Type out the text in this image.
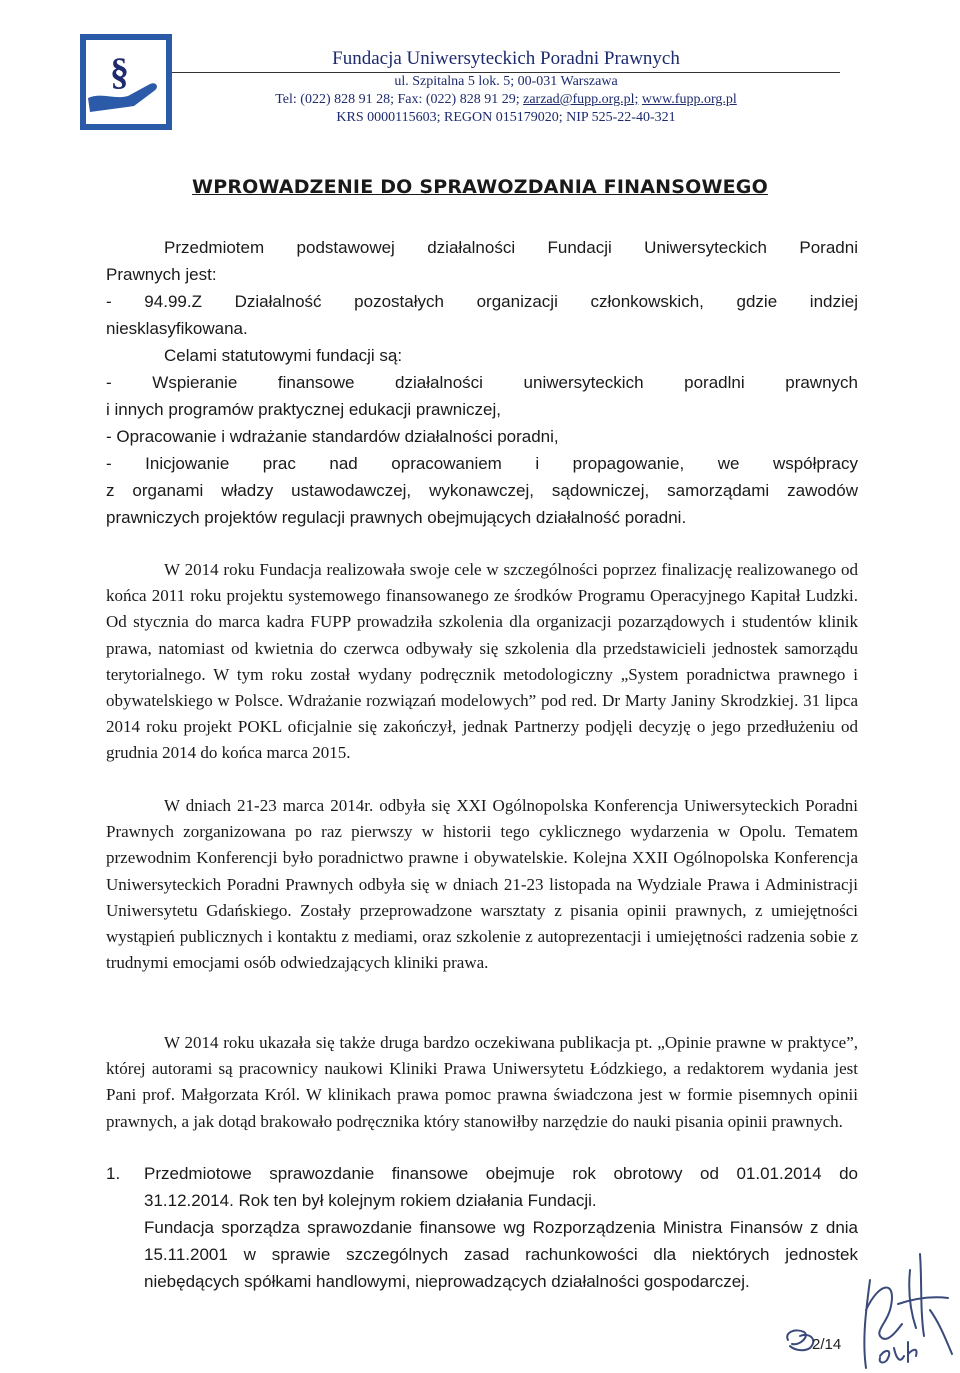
§	Fundacja Uniwersyteckich Poradni Prawnych
ul. Szpitalna 5 lok. 5; 00-031 Warszawa
Tel: (022) 828 91 28; Fax: (022) 828 91 29; zarzad@fupp.org.pl; www.fupp.org.pl
KRS 0000115603; REGON 015179020; NIP 525-22-40-321
WPROWADZENIE DO SPRAWOZDANIA FINANSOWEGO

Przedmiotem podstawowej działalności Fundacji Uniwersyteckich Poradni

Prawnych jest:

- 94.99.Z Działalność pozostałych organizacji członkowskich, gdzie indziej

niesklasyfikowana.

Celami statutowymi fundacji są:

- Wspieranie finansowe działalności uniwersyteckich poradlni prawnych

i innych programów praktycznej edukacji prawniczej,

- Opracowanie i wdrażanie standardów działalności poradni,

- Inicjowanie prac nad opracowaniem i propagowanie, we współpracy

z organami władzy ustawodawczej, wykonawczej, sądowniczej, samorządami zawodów

prawniczych projektów regulacji prawnych obejmujących działalność poradni.

W 2014 roku Fundacja realizowała swoje cele w szczególności poprzez finalizację realizowanego od końca 2011 roku projektu systemowego finansowanego ze środków Programu Operacyjnego Kapitał Ludzki. Od stycznia do marca kadra FUPP prowadziła szkolenia dla organizacji pozarządowych i studentów klinik prawa, natomiast od kwietnia do czerwca odbywały się szkolenia dla przedstawicieli jednostek samorządu terytorialnego. W tym roku został wydany podręcznik metodologiczny „System poradnictwa prawnego i obywatelskiego w Polsce. Wdrażanie rozwiązań modelowych” pod red. Dr Marty Janiny Skrodzkiej. 31 lipca 2014 roku projekt POKL oficjalnie się zakończył, jednak Partnerzy podjęli decyzję o jego przedłużeniu od grudnia 2014 do końca marca 2015.

W dniach 21-23 marca 2014r. odbyła się XXI Ogólnopolska Konferencja Uniwersyteckich Poradni Prawnych zorganizowana po raz pierwszy w historii tego cyklicznego wydarzenia w Opolu. Tematem przewodnim Konferencji było poradnictwo prawne i obywatelskie. Kolejna XXII Ogólnopolska Konferencja Uniwersyteckich Poradni Prawnych odbyła się w dniach 21-23 listopada na Wydziale Prawa i Administracji Uniwersytetu Gdańskiego. Zostały przeprowadzone warsztaty z pisania opinii prawnych, z umiejętności wystąpień publicznych i kontaktu z mediami, oraz szkolenie z autoprezentacji i umiejętności radzenia sobie z trudnymi emocjami osób odwiedzających kliniki prawa.

W 2014 roku ukazała się także druga bardzo oczekiwana publikacja pt. „Opinie prawne w praktyce”, której autorami są pracownicy naukowi Kliniki Prawa Uniwersytetu Łódzkiego, a redaktorem wydania jest Pani prof. Małgorzata Król. W klinikach prawa pomoc prawna świadczona jest w formie pisemnych opinii prawnych, a jak dotąd brakowało podręcznika który stanowiłby narzędzie do nauki pisania opinii prawnych.

1.	Przedmiotowe sprawozdanie finansowe obejmuje rok obrotowy od 01.01.2014 do

31.12.2014. Rok ten był kolejnym rokiem działania Fundacji.

Fundacja sporządza sprawozdanie finansowe wg Rozporządzenia Ministra Finansów z dnia 15.11.2001 w sprawie szczególnych zasad rachunkowości dla niektórych jednostek niebędących spółkami handlowymi, nieprowadzących działalności gospodarczej.

2/14
